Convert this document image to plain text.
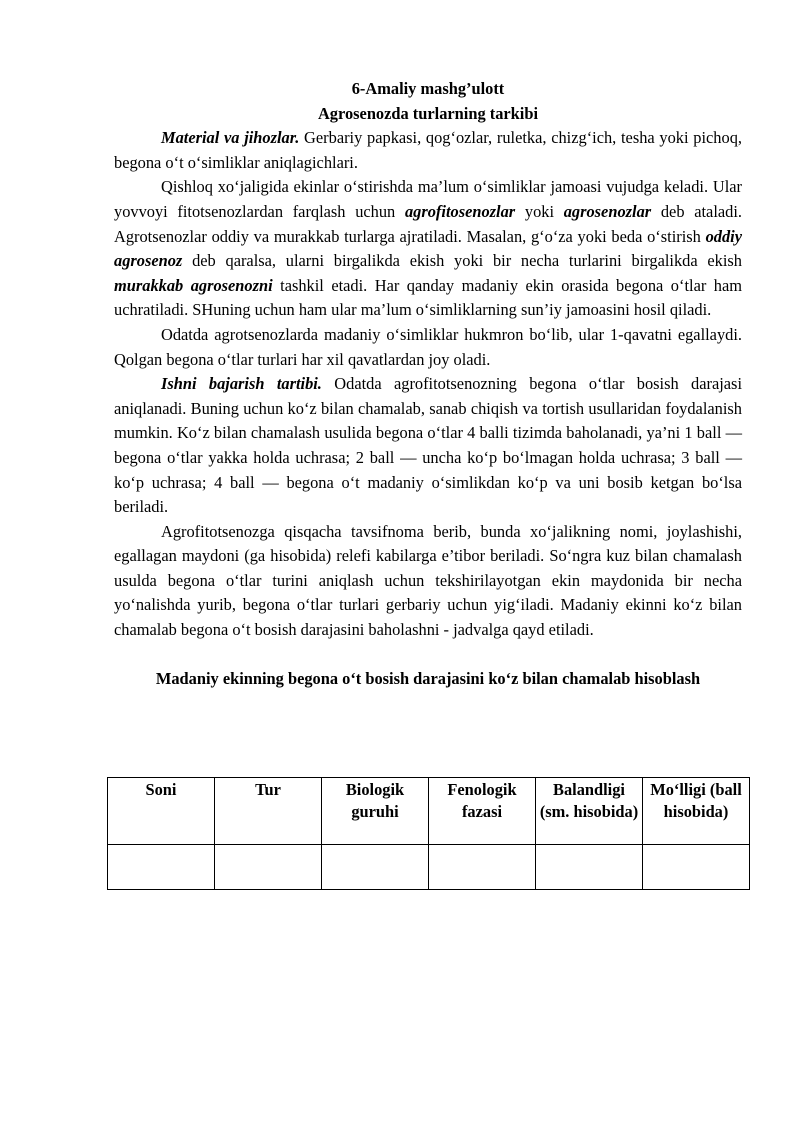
6-Amaliy mashg’ulott
Agrosenozda turlarning tarkibi

Material va jihozlar. Gerbariy papkasi, qog‘ozlar, ruletka, chizg‘ich, tesha yoki pichoq, begona o‘t o‘simliklar aniqlagichlari.

Qishloq xo‘jaligida ekinlar o‘stirishda ma’lum o‘simliklar jamoasi vujudga keladi. Ular yovvoyi fitotsenozlardan farqlash uchun agrofitosenozlar yoki agrosenozlar deb ataladi. Agrotsenozlar oddiy va murakkab turlarga ajratiladi. Masalan, g‘o‘za yoki beda o‘stirish oddiy agrosenoz deb qaralsa, ularni birgalikda ekish yoki bir necha turlarini birgalikda ekish murakkab agrosenozni tashkil etadi. Har qanday madaniy ekin orasida begona o‘tlar ham uchratiladi. SHuning uchun ham ular ma’lum o‘simliklarning sun’iy jamoasini hosil qiladi.

Odatda agrotsenozlarda madaniy o‘simliklar hukmron bo‘lib, ular 1-qavatni egallaydi. Qolgan begona o‘tlar turlari har xil qavatlardan joy oladi.

Ishni bajarish tartibi. Odatda agrofitotsenozning begona o‘tlar bosish darajasi aniqlanadi. Buning uchun ko‘z bilan chamalab, sanab chiqish va tortish usullaridan foydalanish mumkin. Ko‘z bilan chamalash usulida begona o‘tlar 4 balli tizimda baholanadi, ya’ni 1 ball — begona o‘tlar yakka holda uchrasa; 2 ball — uncha ko‘p bo‘lmagan holda uchrasa; 3 ball — ko‘p uchrasa; 4 ball — begona o‘t madaniy o‘simlikdan ko‘p va uni bosib ketgan bo‘lsa beriladi.

Agrofitotsenozga qisqacha tavsifnoma berib, bunda xo‘jalikning nomi, joylashishi, egallagan maydoni (ga hisobida) relefi kabilarga e’tibor beriladi. So‘ngra kuz bilan chamalash usulda begona o‘tlar turini aniqlash uchun tekshirilayotgan ekin maydonida bir necha yo‘nalishda yurib, begona o‘tlar turlari gerbariy uchun yig‘iladi. Madaniy ekinni ko‘z bilan chamalab begona o‘t bosish darajasini baholashni - jadvalga qayd etiladi.

Madaniy ekinning begona o‘t bosish darajasini ko‘z bilan chamalab hisoblash
Soni	Tur	Biologik guruhi	Fenologik fazasi	Balandligi (sm. hisobida)	Mo‘lligi (ball hisobida)
